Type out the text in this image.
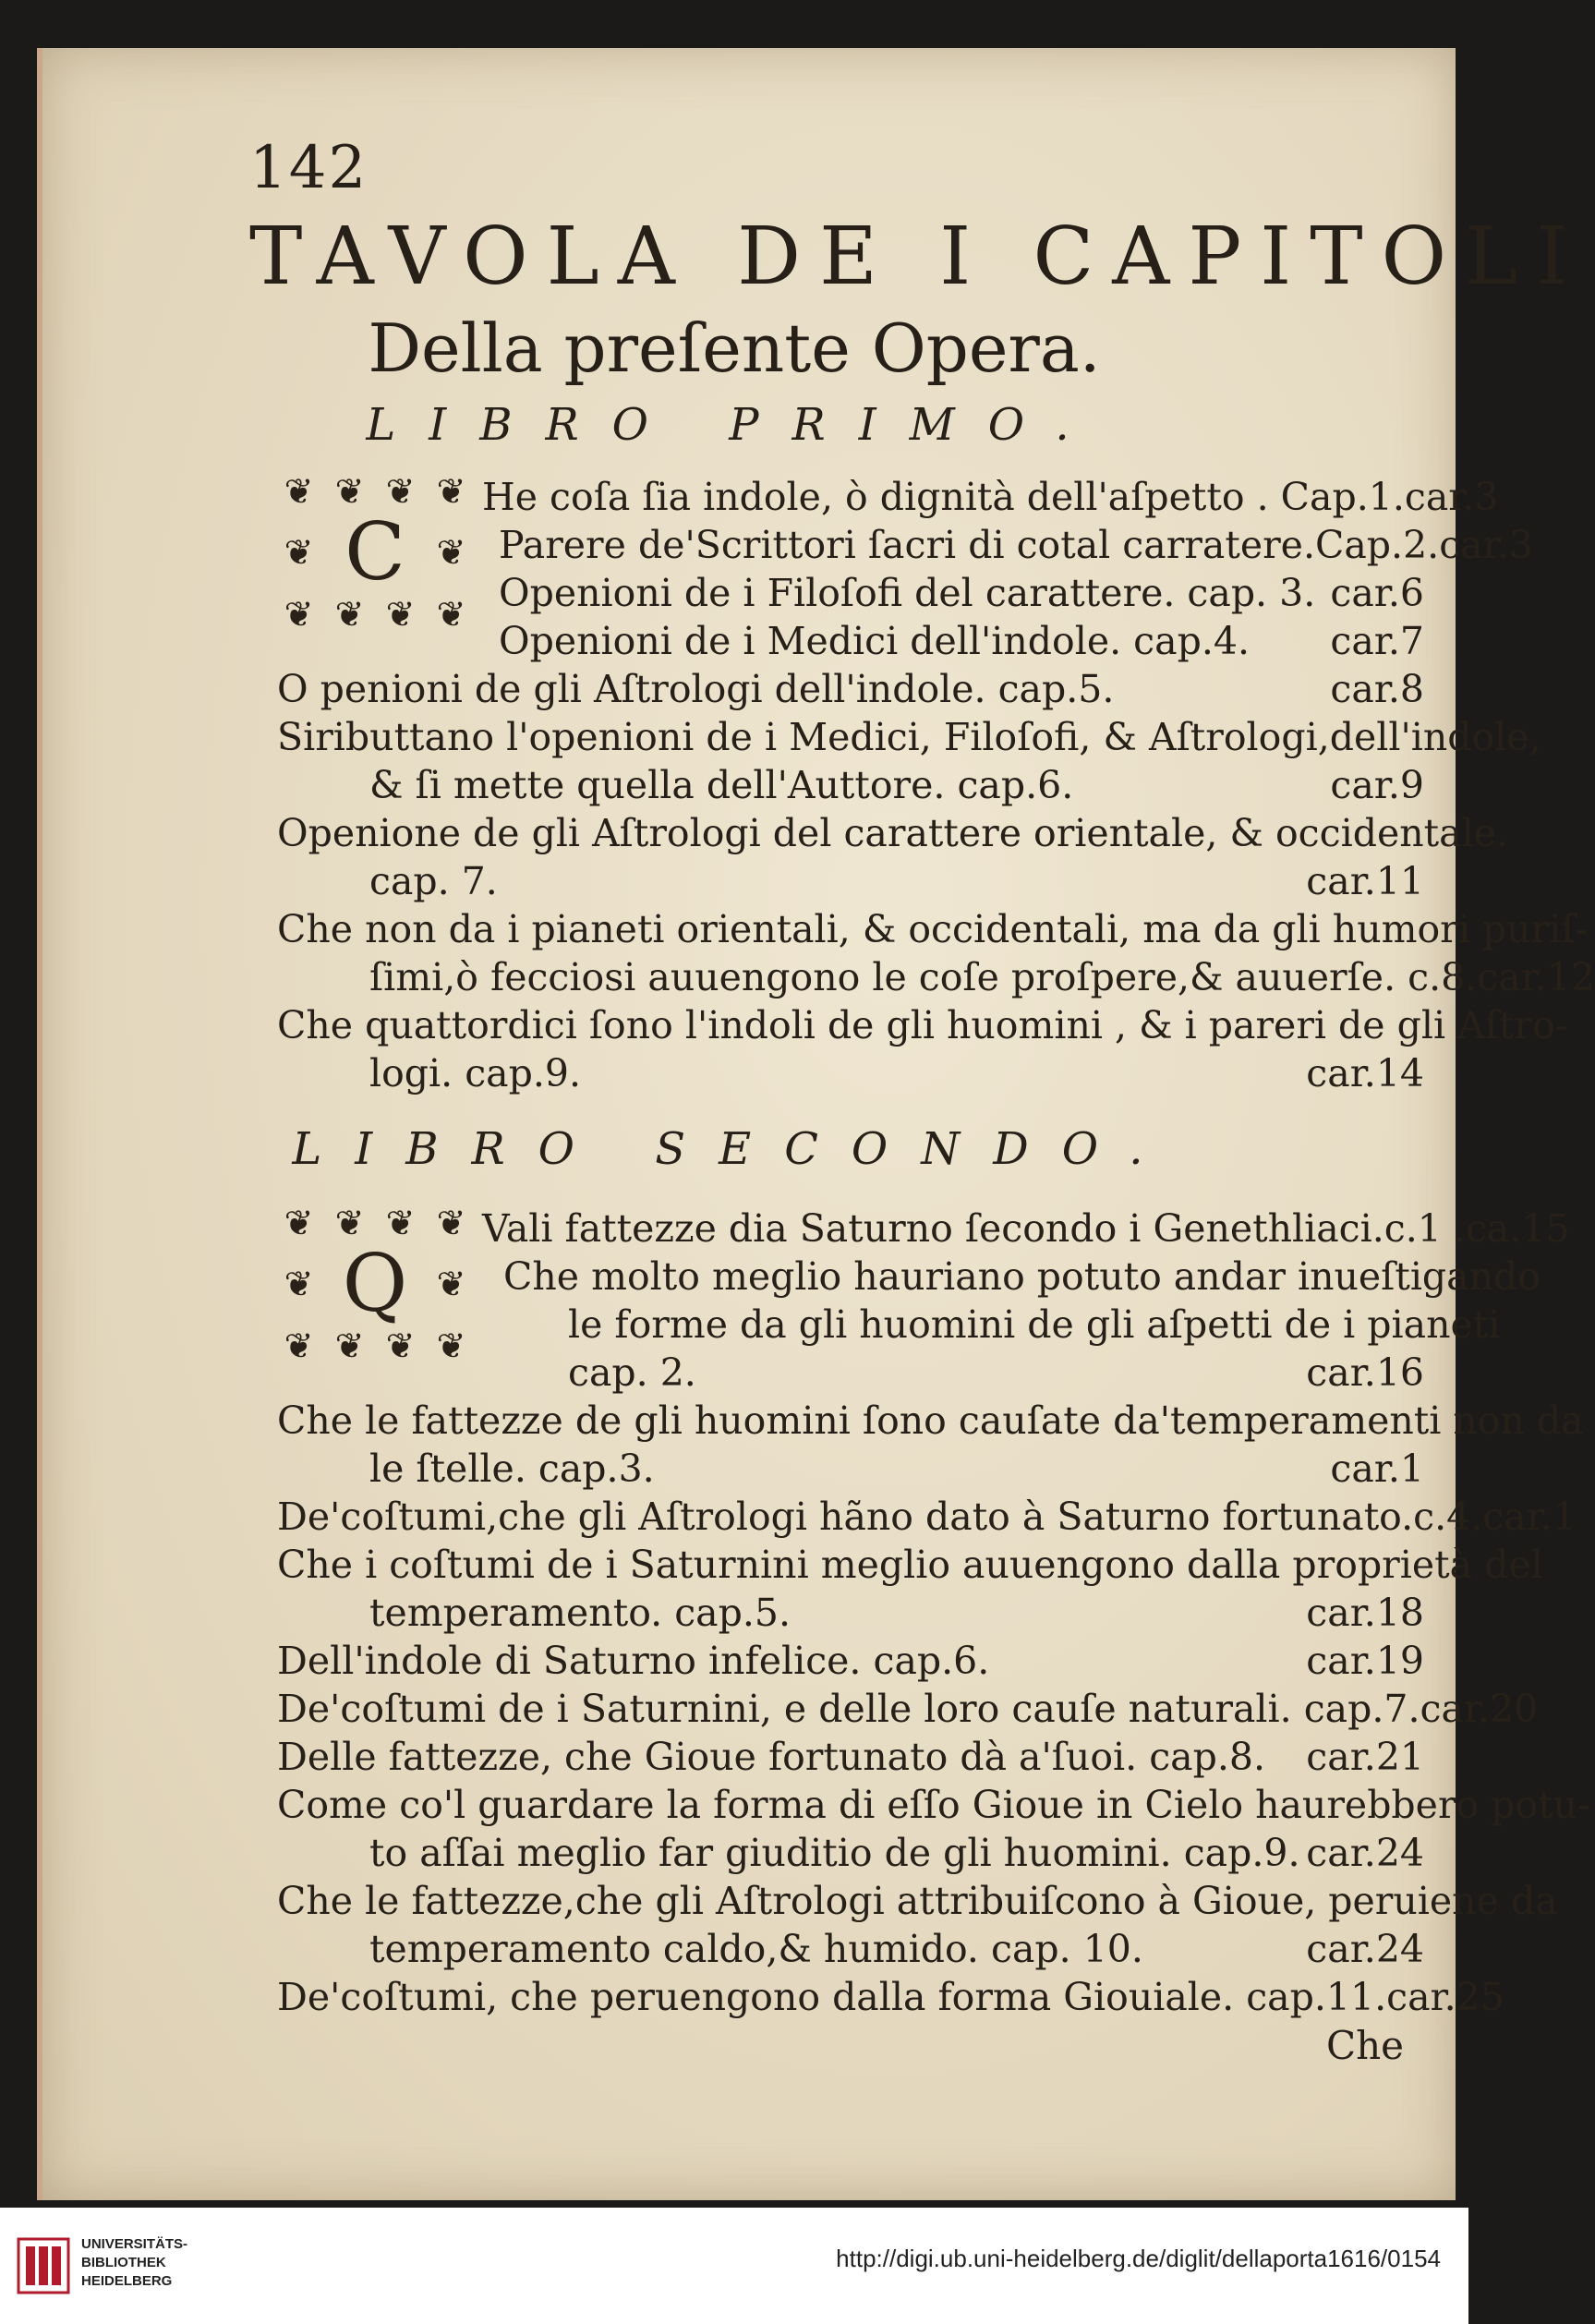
142
TAVOLA DE I CAPITOLI
Della preſente Opera.
LIBRO PRIMO.
❦ ❦ ❦ ❦
❦ C ❦
❦ ❦ ❦ ❦
He coſa ſia indole, ò dignità dell'aſpetto . Cap.1. car.3
Parere de'Scrittori ſacri di cotal carratere.Cap.2. car.3
Openioni de i Filoſofi del carattere. cap. 3. car.6
Openioni de i Medici dell'indole. cap.4. car.7
O penioni de gli Aſtrologi dell'indole. cap.5.	car.8
Siributtano l'openioni de i Medici, Filoſofi, & Aſtrologi,dell'indole,
& ſi mette quella dell'Auttore. cap.6.	car.9
Openione de gli Aſtrologi del carattere orientale, & occidentale.
cap. 7.	car.11
Che non da i pianeti orientali, & occidentali, ma da gli humori puriſ-
ſimi,ò fecciosi auuengono le coſe proſpere,& auuerſe. c.8. car.12
Che quattordici ſono l'indoli de gli huomini , & i pareri de gli Aſtro-
logi. cap.9.	car.14
LIBRO SECONDO.
❦ ❦ ❦ ❦
❦ Q ❦
❦ ❦ ❦ ❦
Vali fattezze dia Saturno ſecondo i Genethliaci.c.1 .ca.15
Che molto meglio hauriano potuto andar inueſtigando
le forme da gli huomini de gli aſpetti de i pianeti
cap. 2.	car.16
Che le fattezze de gli huomini ſono cauſate da'temperamenti non da
le ſtelle. cap.3.	car.1
De'coſtumi,che gli Aſtrologi hãno dato à Saturno fortunato.c.4. car.1
Che i coſtumi de i Saturnini meglio auuengono dalla proprietà del
temperamento. cap.5.	car.18
Dell'indole di Saturno infelice. cap.6.	car.19
De'coſtumi de i Saturnini, e delle loro cauſe naturali. cap.7. car.20
Delle fattezze, che Gioue fortunato dà a'ſuoi. cap.8. car.21
Come co'l guardare la forma di eſſo Gioue in Cielo haurebbero potu-
to aſſai meglio far giuditio de gli huomini. cap.9. car.24
Che le fattezze,che gli Aſtrologi attribuiſcono à Gioue, peruiene da
temperamento caldo,& humido. cap. 10.	car.24
De'coſtumi, che peruengono dalla forma Giouiale. cap.11. car.25
Che
UNIVERSITÄTS-
BIBLIOTHEK
HEIDELBERG
http://digi.ub.uni-heidelberg.de/diglit/dellaporta1616/0154
